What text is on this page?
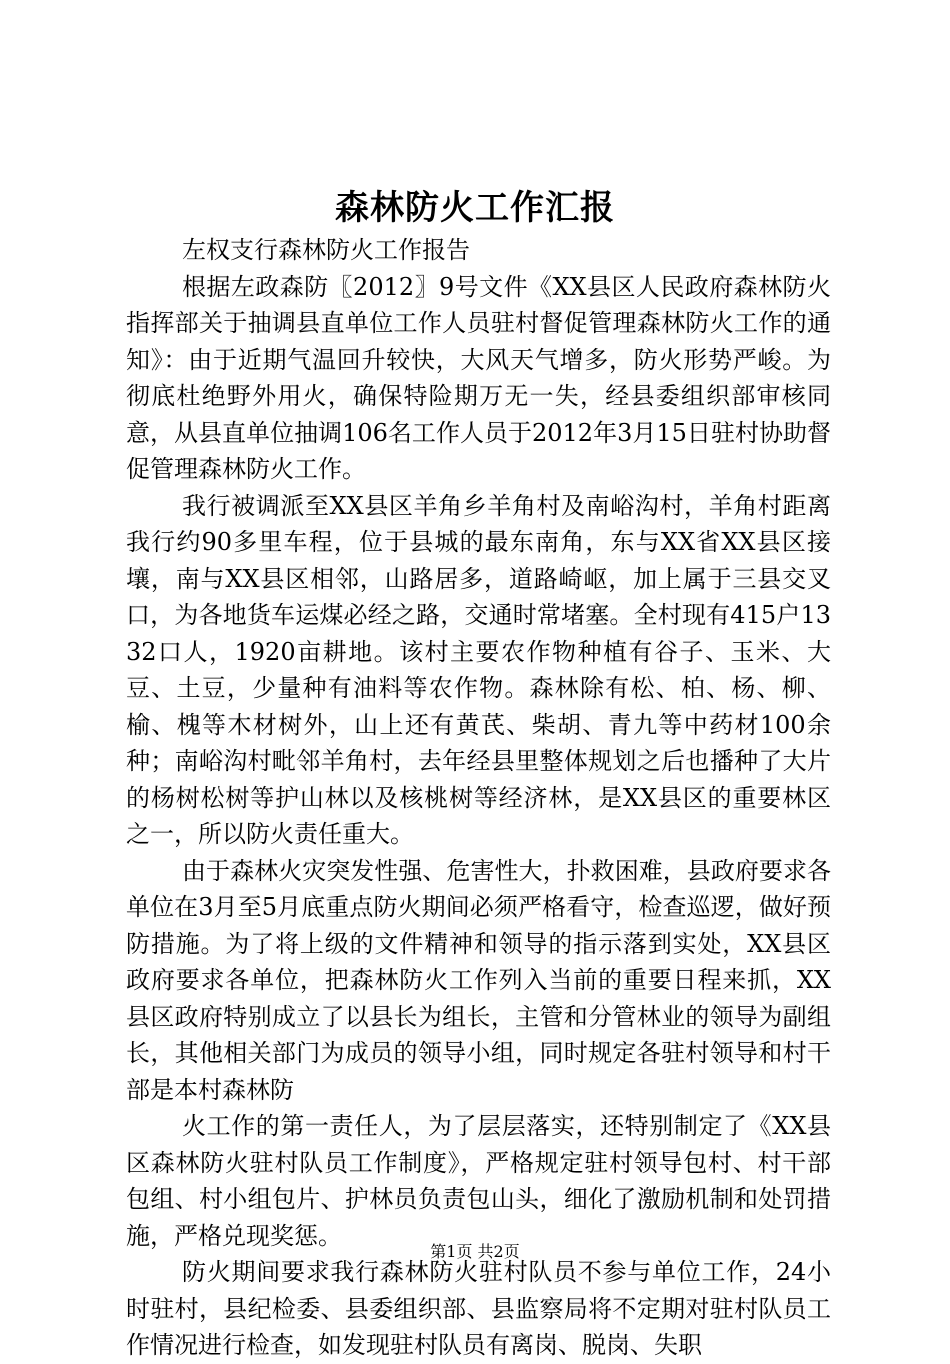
森林防火工作汇报

左权支行森林防火工作报告

根据左政森防〖2012〗9号文件《XX县区人民政府森林防火指挥部关于抽调县直单位工作人员驻村督促管理森林防火工作的通知》：由于近期气温回升较快，大风天气增多，防火形势严峻。为彻底杜绝野外用火，确保特险期万无一失，经县委组织部审核同意，从县直单位抽调106名工作人员于2012年3月15日驻村协助督促管理森林防火工作。

我行被调派至XX县区羊角乡羊角村及南峪沟村，羊角村距离我行约90多里车程，位于县城的最东南角，东与XX省XX县区接壤，南与XX县区相邻，山路居多，道路崎岖，加上属于三县交叉口，为各地货车运煤必经之路，交通时常堵塞。全村现有415户1332口人，1920亩耕地。该村主要农作物种植有谷子、玉米、大豆、土豆，少量种有油料等农作物。森林除有松、柏、杨、柳、榆、槐等木材树外，山上还有黄芪、柴胡、青九等中药材100余种；南峪沟村毗邻羊角村，去年经县里整体规划之后也播种了大片的杨树松树等护山林以及核桃树等经济林，是XX县区的重要林区之一，所以防火责任重大。

由于森林火灾突发性强、危害性大，扑救困难，县政府要求各单位在3月至5月底重点防火期间必须严格看守，检查巡逻，做好预防措施。为了将上级的文件精神和领导的指示落到实处，XX县区政府要求各单位，把森林防火工作列入当前的重要日程来抓，XX县区政府特别成立了以县长为组长，主管和分管林业的领导为副组长，其他相关部门为成员的领导小组，同时规定各驻村领导和村干部是本村森林防

火工作的第一责任人，为了层层落实，还特别制定了《XX县区森林防火驻村队员工作制度》，严格规定驻村领导包村、村干部包组、村小组包片、护林员负责包山头，细化了激励机制和处罚措施，严格兑现奖惩。

防火期间要求我行森林防火驻村队员不参与单位工作，24小时驻村，县纪检委、县委组织部、县监察局将不定期对驻村队员工作情况进行检查，如发现驻村队员有离岗、脱岗、失职

第1页 共2页
